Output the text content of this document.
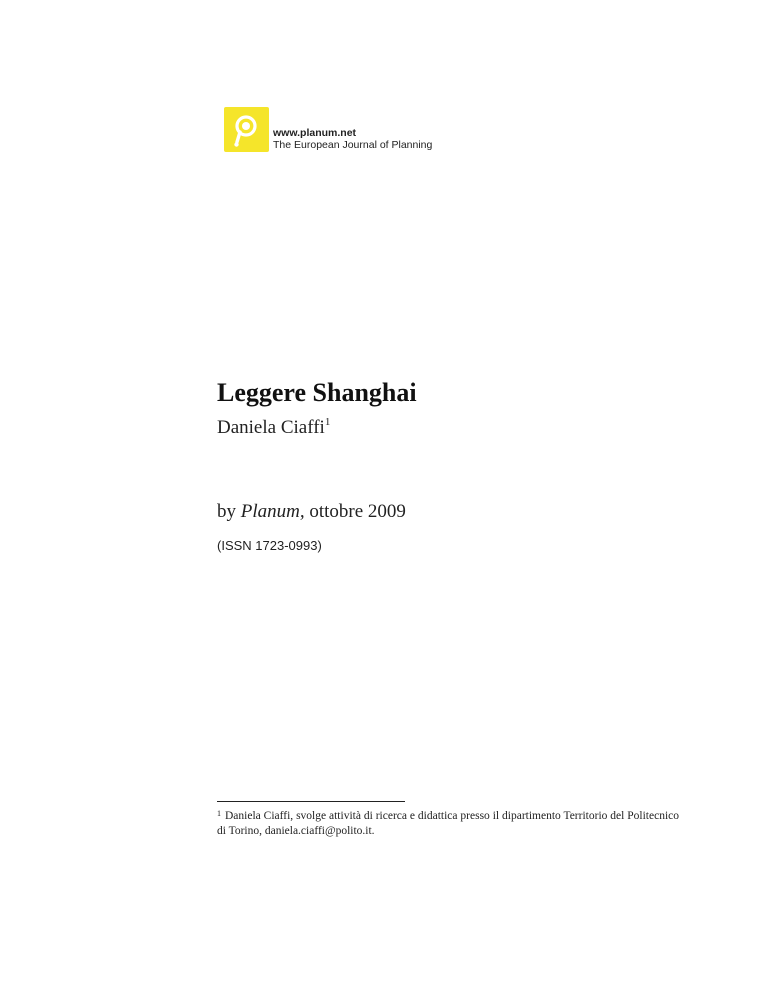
www.planum.net
The European Journal of Planning
Leggere Shanghai

Daniela Ciaffi$^1$

by Planum, ottobre 2009

(ISSN 1723-0993)

$^1$ Daniela Ciaffi, svolge attività di ricerca e didattica presso il dipartimento Territorio del Politecnico di Torino, daniela.ciaffi@polito.it.
